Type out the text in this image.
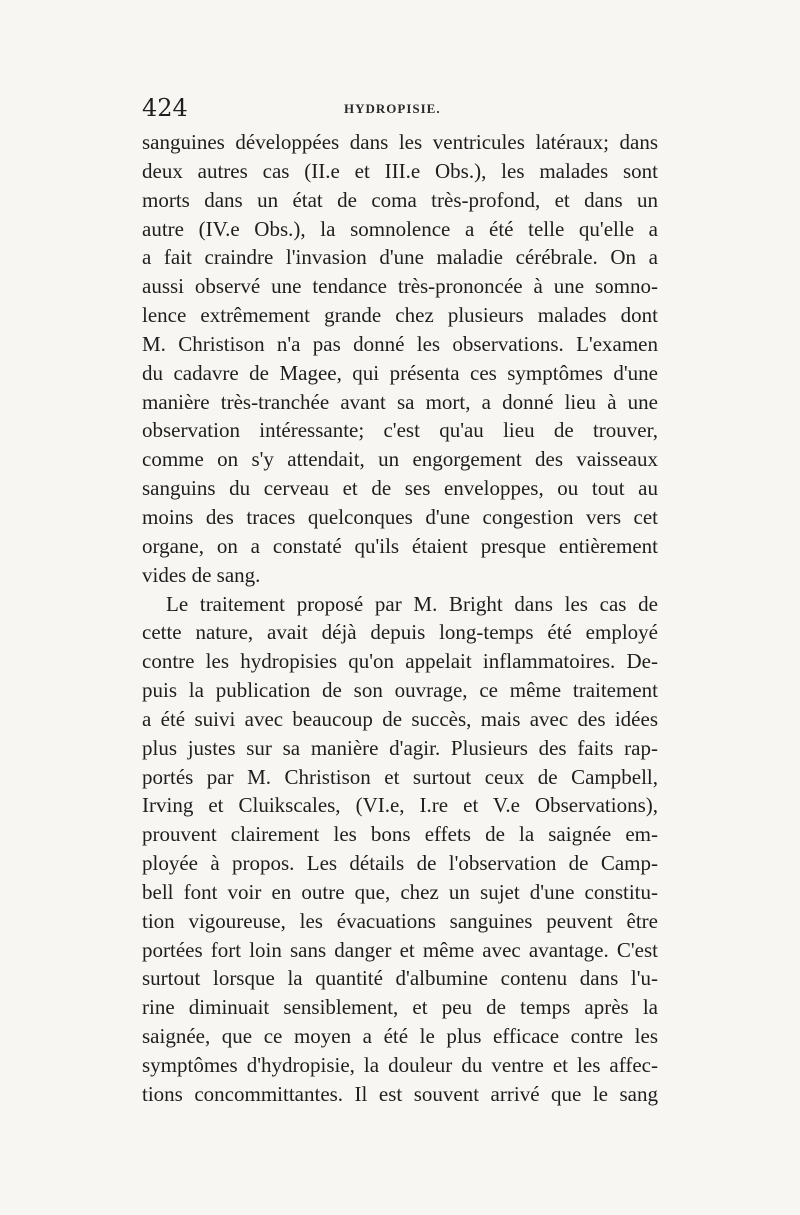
424	HYDROPISIE.
sanguines développées dans les ventricules latéraux; dans
deux autres cas (II.e et III.e Obs.), les malades sont
morts dans un état de coma très-profond, et dans un
autre (IV.e Obs.), la somnolence a été telle qu'elle a
a fait craindre l'invasion d'une maladie cérébrale. On a
aussi observé une tendance très-prononcée à une somno-
lence extrêmement grande chez plusieurs malades dont
M. Christison n'a pas donné les observations. L'examen
du cadavre de Magee, qui présenta ces symptômes d'une
manière très-tranchée avant sa mort, a donné lieu à une
observation intéressante; c'est qu'au lieu de trouver,
comme on s'y attendait, un engorgement des vaisseaux
sanguins du cerveau et de ses enveloppes, ou tout au
moins des traces quelconques d'une congestion vers cet
organe, on a constaté qu'ils étaient presque entièrement
vides de sang.
Le traitement proposé par M. Bright dans les cas de
cette nature, avait déjà depuis long-temps été employé
contre les hydropisies qu'on appelait inflammatoires. De-
puis la publication de son ouvrage, ce même traitement
a été suivi avec beaucoup de succès, mais avec des idées
plus justes sur sa manière d'agir. Plusieurs des faits rap-
portés par M. Christison et surtout ceux de Campbell,
Irving et Cluikscales, (VI.e, I.re et V.e Observations),
prouvent clairement les bons effets de la saignée em-
ployée à propos. Les détails de l'observation de Camp-
bell font voir en outre que, chez un sujet d'une constitu-
tion vigoureuse, les évacuations sanguines peuvent être
portées fort loin sans danger et même avec avantage. C'est
surtout lorsque la quantité d'albumine contenu dans l'u-
rine diminuait sensiblement, et peu de temps après la
saignée, que ce moyen a été le plus efficace contre les
symptômes d'hydropisie, la douleur du ventre et les affec-
tions concommittantes. Il est souvent arrivé que le sang
